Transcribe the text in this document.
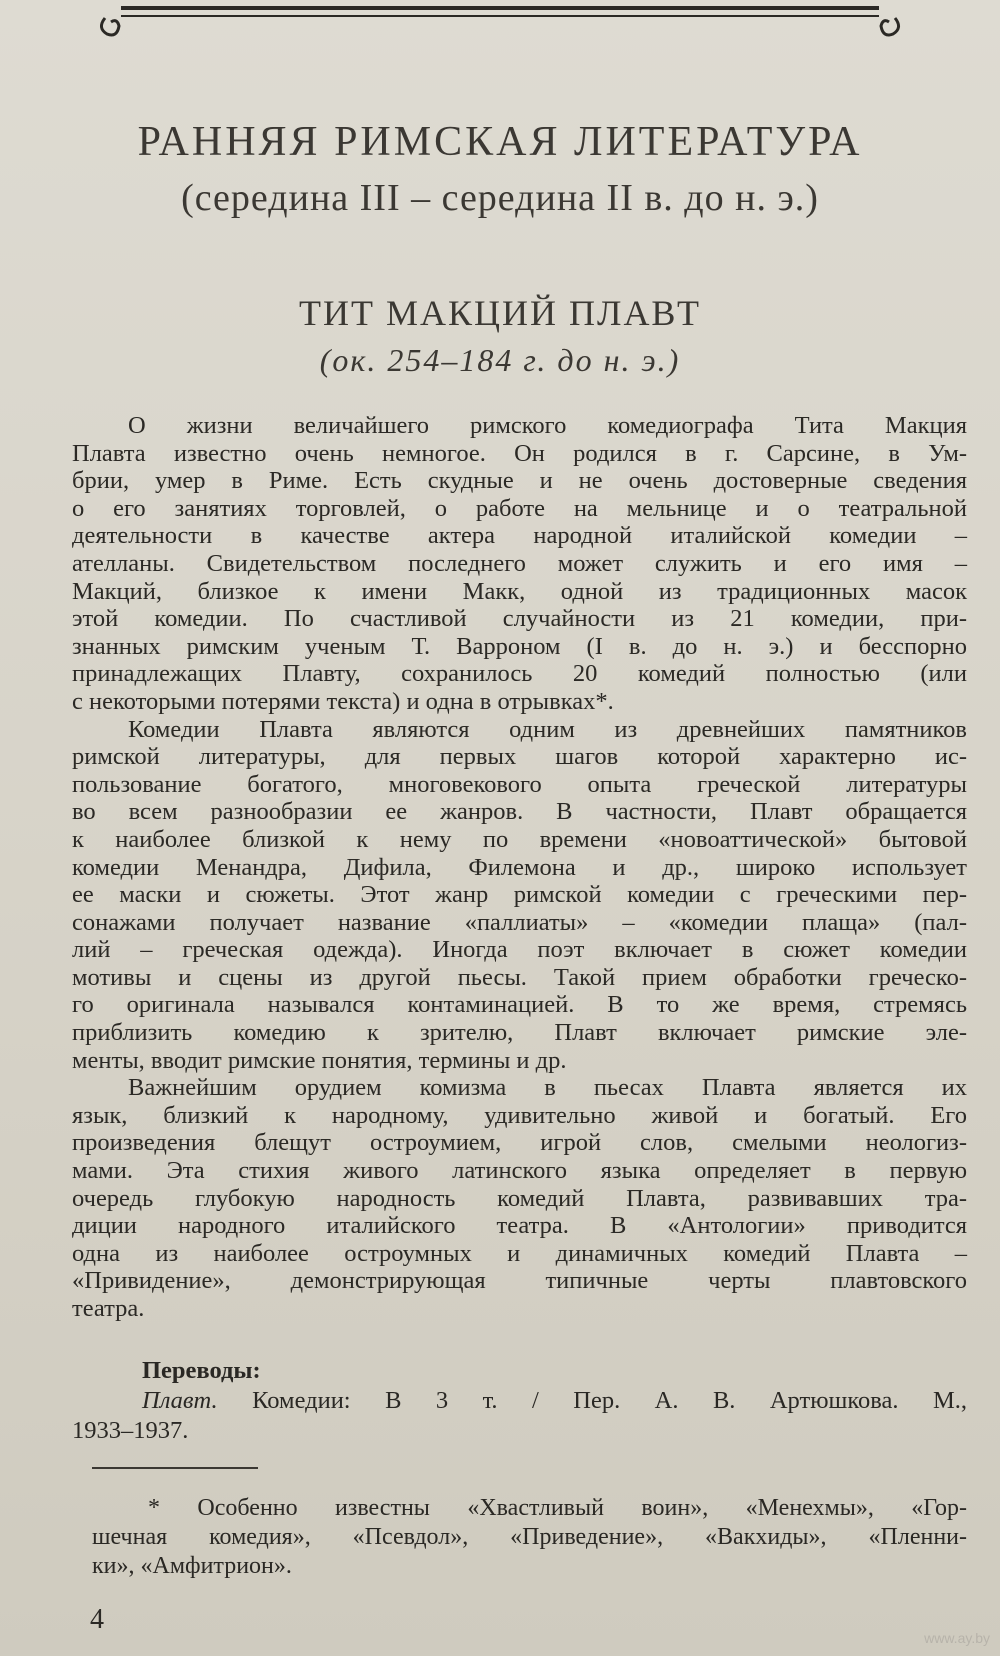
РАННЯЯ РИМСКАЯ ЛИТЕРАТУРА
(середина III – середина II в. до н. э.)
ТИТ МАКЦИЙ ПЛАВТ
(ок. 254–184 г. до н. э.)
О жизни величайшего римского комедиографа Тита Макция
Плавта известно очень немногое. Он родился в г. Сарсине, в Ум-
брии, умер в Риме. Есть скудные и не очень достоверные сведения
о его занятиях торговлей, о работе на мельнице и о театральной
деятельности в качестве актера народной италийской комедии –
ателланы. Свидетельством последнего может служить и его имя –
Макций, близкое к имени Макк, одной из традиционных масок
этой комедии. По счастливой случайности из 21 комедии, при-
знанных римским ученым Т. Варроном (I в. до н. э.) и бесспорно
принадлежащих Плавту, сохранилось 20 комедий полностью (или
с некоторыми потерями текста) и одна в отрывках*.
Комедии Плавта являются одним из древнейших памятников
римской литературы, для первых шагов которой характерно ис-
пользование богатого, многовекового опыта греческой литературы
во всем разнообразии ее жанров. В частности, Плавт обращается
к наиболее близкой к нему по времени «новоаттической» бытовой
комедии Менандра, Дифила, Филемона и др., широко использует
ее маски и сюжеты. Этот жанр римской комедии с греческими пер-
сонажами получает название «паллиаты» – «комедии плаща» (пал-
лий – греческая одежда). Иногда поэт включает в сюжет комедии
мотивы и сцены из другой пьесы. Такой прием обработки греческо-
го оригинала назывался контаминацией. В то же время, стремясь
приблизить комедию к зрителю, Плавт включает римские эле-
менты, вводит римские понятия, термины и др.
Важнейшим орудием комизма в пьесах Плавта является их
язык, близкий к народному, удивительно живой и богатый. Его
произведения блещут остроумием, игрой слов, смелыми неологиз-
мами. Эта стихия живого латинского языка определяет в первую
очередь глубокую народность комедий Плавта, развивавших тра-
диции народного италийского театра. В «Антологии» приводится
одна из наиболее остроумных и динамичных комедий Плавта –
«Привидение», демонстрирующая типичные черты плавтовского
театра.
Переводы:
Плавт. Комедии: В 3 т. / Пер. А. В. Артюшкова. М.,
1933–1937.
* Особенно известны «Хвастливый воин», «Менехмы», «Гор-
шечная комедия», «Псевдол», «Приведение», «Вакхиды», «Пленни-
ки», «Амфитрион».
4
www.ay.by
